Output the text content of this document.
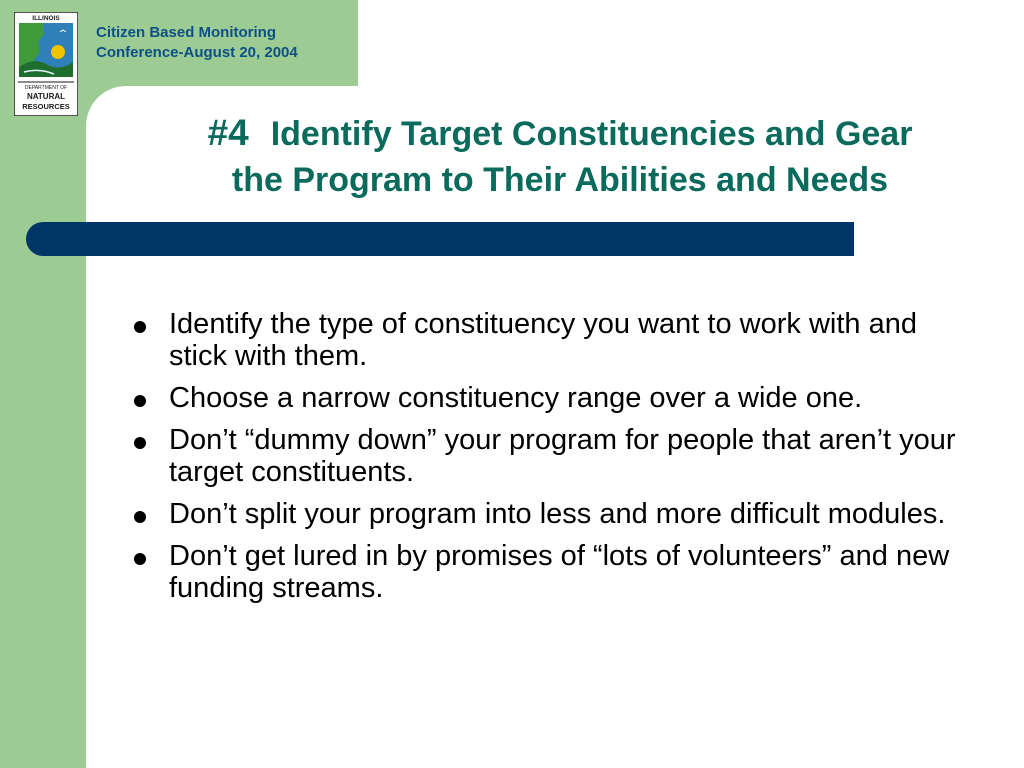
ILLINOIS
DEPARTMENT OF
NATURAL
RESOURCES
Citizen Based Monitoring
Conference-August 20, 2004
#4 Identify Target Constituencies and Gear
the Program to Their Abilities and Needs
Identify the type of constituency you want to work with and stick with them.
Choose a narrow constituency range over a wide one.
Don’t “dummy down” your program for people that aren’t your target constituents.
Don’t split your program into less and more difficult modules.
Don’t get lured in by promises of “lots of volunteers” and new funding streams.
